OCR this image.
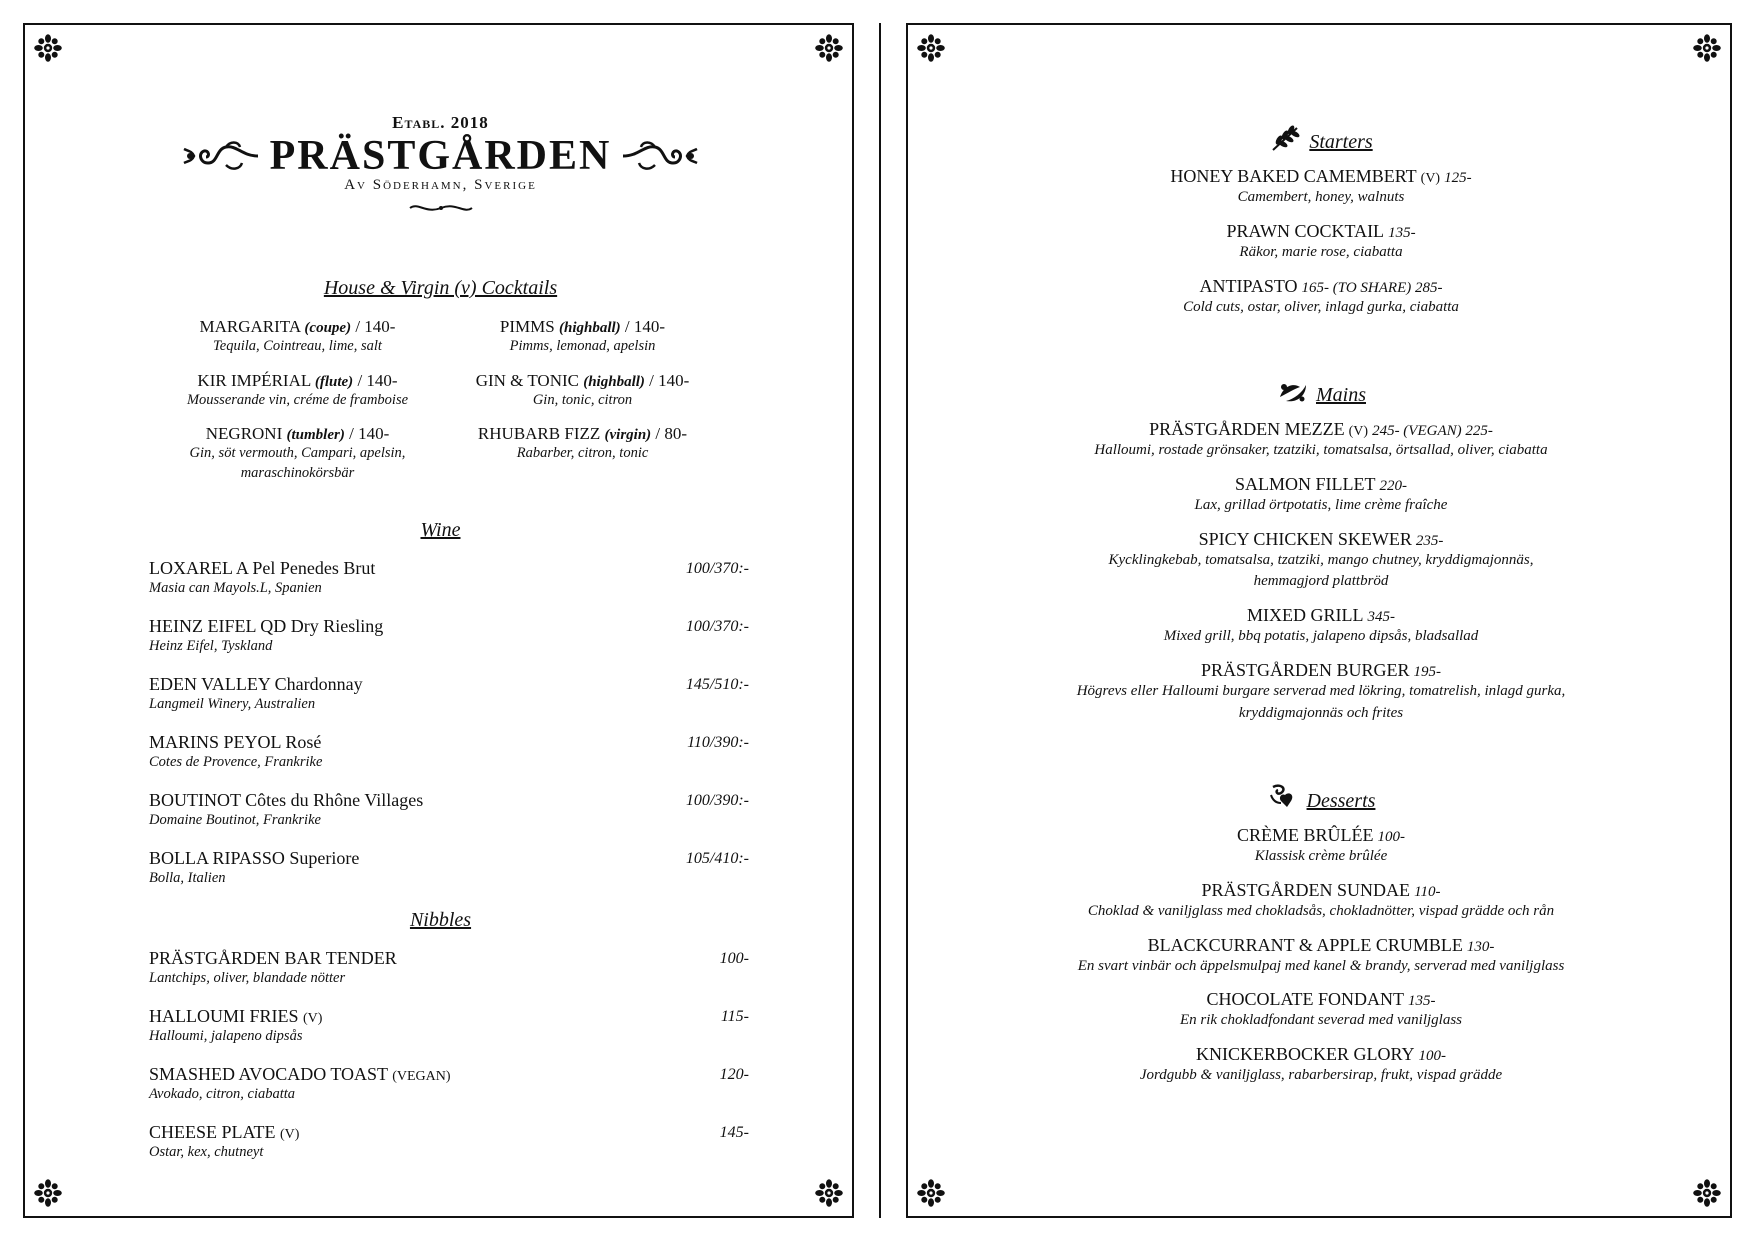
Etabl. 2018
PRÄSTGÅRDEN
Av Söderhamn, Sverige
House & Virgin (v) Cocktails
MARGARITA (coupe) / 140-
Tequila, Cointreau, lime, salt
PIMMS (highball) / 140-
Pimms, lemonad, apelsin
KIR IMPÉRIAL (flute) / 140-
Mousserande vin, créme de framboise
GIN & TONIC (highball) / 140-
Gin, tonic, citron
NEGRONI (tumbler) / 140-
Gin, söt vermouth, Campari, apelsin, maraschinokörsbär
RHUBARB FIZZ (virgin) / 80-
Rabarber, citron, tonic
Wine
LOXAREL A Pel Penedes Brut
Masia can Mayols.L, Spanien
100/370:-
HEINZ EIFEL QD Dry Riesling
Heinz Eifel, Tyskland
100/370:-
EDEN VALLEY Chardonnay
Langmeil Winery, Australien
145/510:-
MARINS PEYOL Rosé
Cotes de Provence, Frankrike
110/390:-
BOUTINOT Côtes du Rhône Villages
Domaine Boutinot, Frankrike
100/390:-
BOLLA RIPASSO Superiore
Bolla, Italien
105/410:-
Nibbles
PRÄSTGÅRDEN BAR TENDER
Lantchips, oliver, blandade nötter
100-
HALLOUMI FRIES (V)
Halloumi, jalapeno dipsås
115-
SMASHED AVOCADO TOAST (VEGAN)
Avokado, citron, ciabatta
120-
CHEESE PLATE (V)
Ostar, kex, chutneyt
145-
Starters
HONEY BAKED CAMEMBERT (V) 125-
Camembert, honey, walnuts
PRAWN COCKTAIL 135-
Räkor, marie rose, ciabatta
ANTIPASTO 165- (TO SHARE) 285-
Cold cuts, ostar, oliver, inlagd gurka, ciabatta
Mains
PRÄSTGÅRDEN MEZZE (V) 245- (VEGAN) 225-
Halloumi, rostade grönsaker, tzatziki, tomatsalsa, örtsallad, oliver, ciabatta
SALMON FILLET 220-
Lax, grillad örtpotatis, lime crème fraîche
SPICY CHICKEN SKEWER 235-
Kycklingkebab, tomatsalsa, tzatziki, mango chutney, kryddigmajonnäs, hemmagjord plattbröd
MIXED GRILL 345-
Mixed grill, bbq potatis, jalapeno dipsås, bladsallad
PRÄSTGÅRDEN BURGER 195-
Högrevs eller Halloumi burgare serverad med lökring, tomatrelish, inlagd gurka, kryddigmajonnäs och frites
Desserts
CRÈME BRÛLÉE 100-
Klassisk crème brûlée
PRÄSTGÅRDEN SUNDAE 110-
Choklad & vaniljglass med chokladsås, chokladnötter, vispad grädde och rån
BLACKCURRANT & APPLE CRUMBLE 130-
En svart vinbär och äppelsmulpaj med kanel & brandy, serverad med vaniljglass
CHOCOLATE FONDANT 135-
En rik chokladfondant severad med vaniljglass
KNICKERBOCKER GLORY 100-
Jordgubb & vaniljglass, rabarbersirap, frukt, vispad grädde
